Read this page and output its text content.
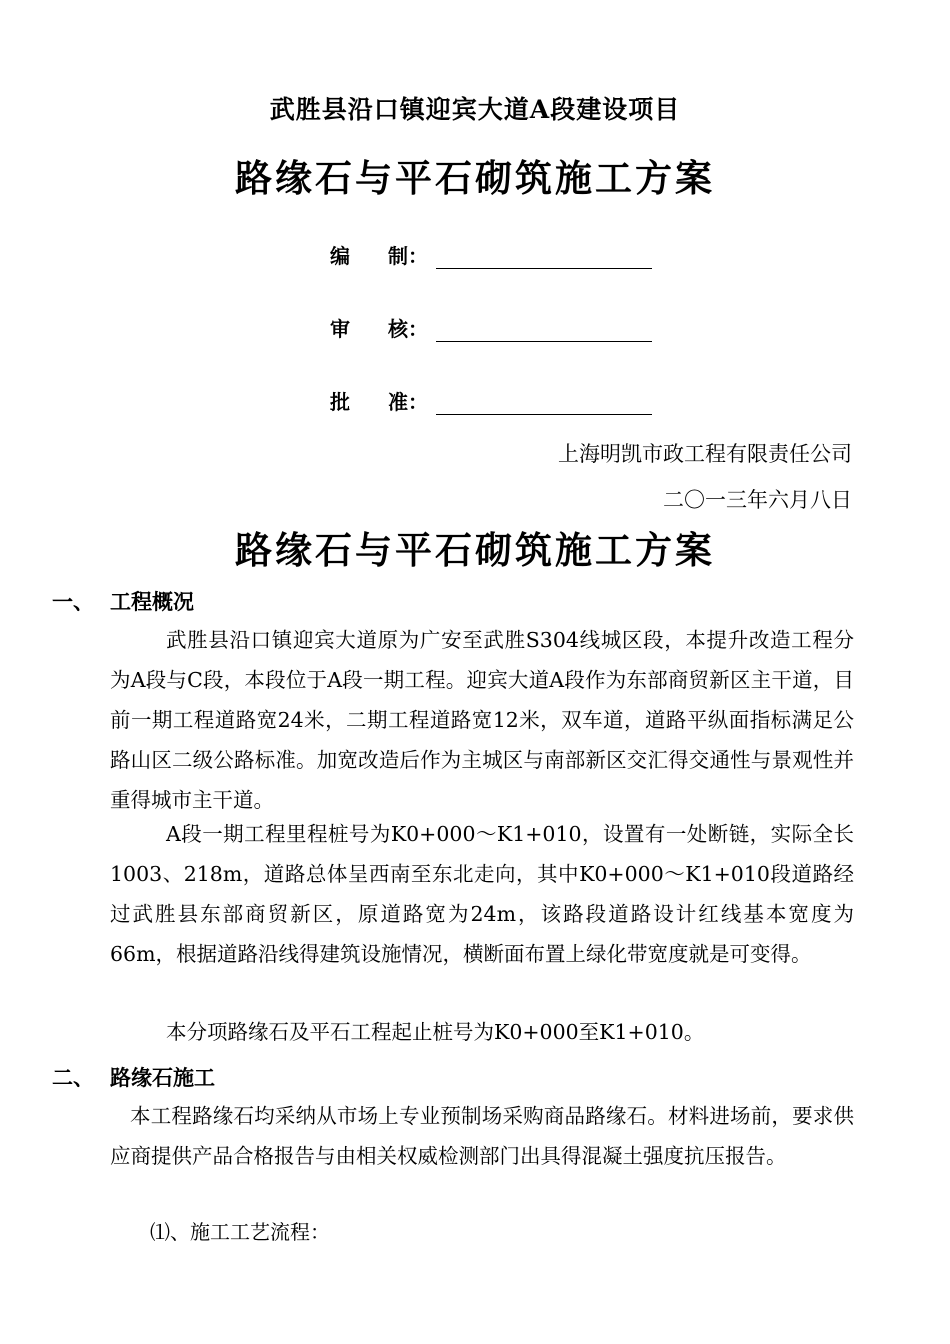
武胜县沿口镇迎宾大道A段建设项目
路缘石与平石砌筑施工方案
编 制：
审 核：
批 准：
上海明凯市政工程有限责任公司
二〇一三年六月八日
路缘石与平石砌筑施工方案
一、 工程概况
武胜县沿口镇迎宾大道原为广安至武胜S304线城区段，本提升改造工程分为A段与C段，本段位于A段一期工程。迎宾大道A段作为东部商贸新区主干道，目前一期工程道路宽24米，二期工程道路宽12米，双车道，道路平纵面指标满足公路山区二级公路标准。加宽改造后作为主城区与南部新区交汇得交通性与景观性并重得城市主干道。
A段一期工程里程桩号为K0+000～K1+010，设置有一处断链，实际全长1003、218m，道路总体呈西南至东北走向，其中K0+000～K1+010段道路经过武胜县东部商贸新区，原道路宽为24m，该路段道路设计红线基本宽度为66m，根据道路沿线得建筑设施情况，横断面布置上绿化带宽度就是可变得。
本分项路缘石及平石工程起止桩号为K0+000至K1+010。
二、 路缘石施工
本工程路缘石均采纳从市场上专业预制场采购商品路缘石。材料进场前，要求供应商提供产品合格报告与由相关权威检测部门出具得混凝土强度抗压报告。
⑴、施工工艺流程：
